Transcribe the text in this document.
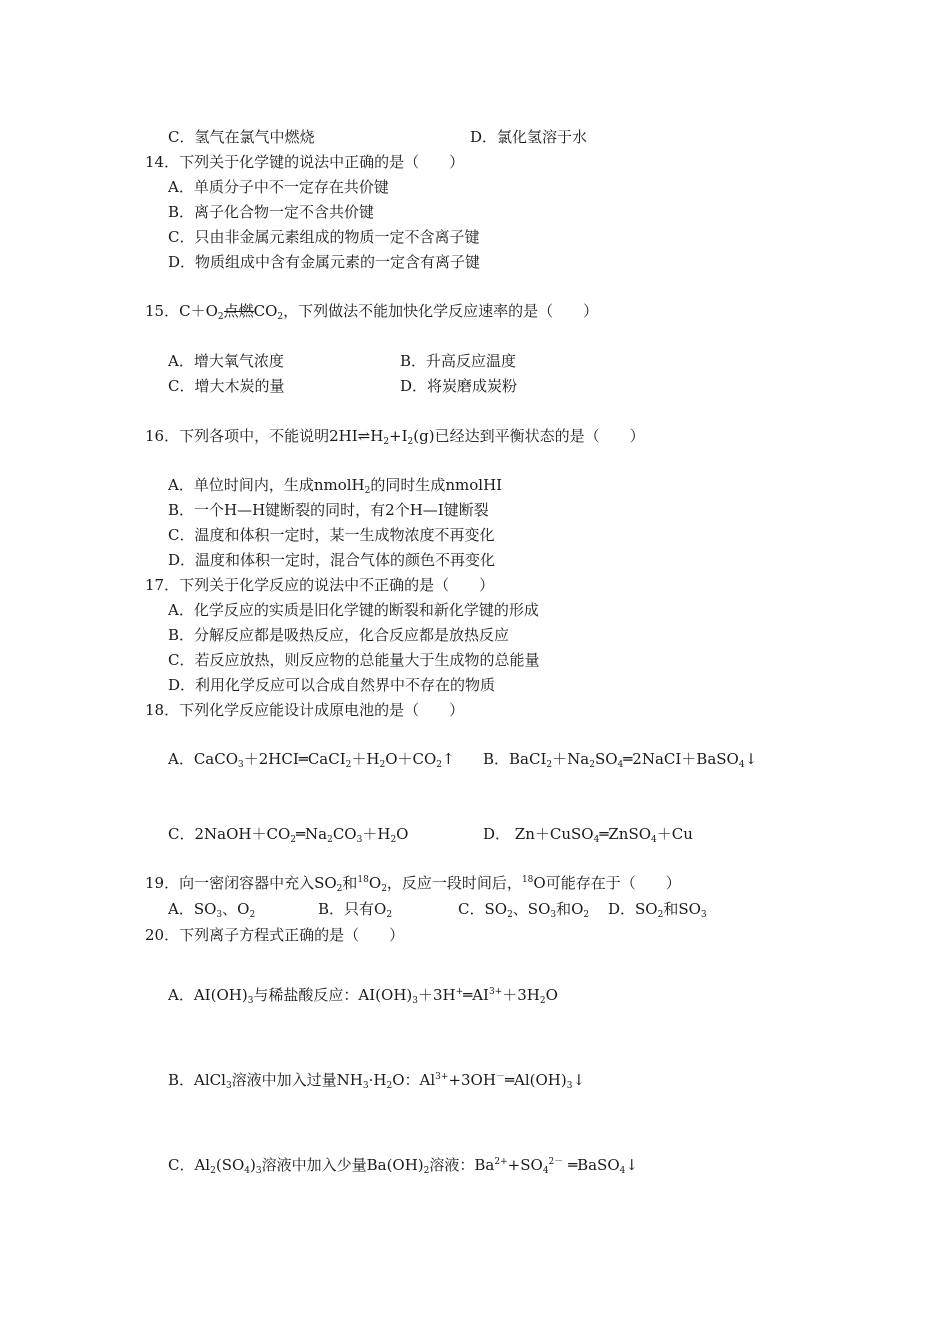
C．氢气在氯气中燃烧	D．氯化氢溶于水
14．下列关于化学键的说法中正确的是（　　）
A．单质分子中不一定存在共价键
B．离子化合物一定不含共价键
C．只由非金属元素组成的物质一定不含离子键
D．物质组成中含有金属元素的一定含有离子键
A．增大氧气浓度	B．升高反应温度
C．增大木炭的量	D．将炭磨成炭粉
B．一个H—H键断裂的同时，有2个H—I键断裂
C．温度和体积一定时，某一生成物浓度不再变化
D．温度和体积一定时，混合气体的颜色不再变化
17．下列关于化学反应的说法中不正确的是（　　）
A．化学反应的实质是旧化学键的断裂和新化学键的形成
B．分解反应都是吸热反应，化合反应都是放热反应
C．若反应放热，则反应物的总能量大于生成物的总能量
D．利用化学反应可以合成自然界中不存在的物质
18．下列化学反应能设计成原电池的是（　　）
20．下列离子方程式正确的是（　　）
15．$C+O_2$点燃$CO_2$，下列做法不能加快化学反应速率的是（　　）
16．下列各项中，不能说明$2HI\rightleftharpoons H_2+I_2(g)$已经达到平衡状态的是（　　）
A．单位时间内，生成nmolH$_2$的同时生成nmolHI
A．$CaCO_3+2HCI═CaCI_2+H_2O+CO_2↑$ B．$BaCI_2+Na_2SO_4═2NaCI+BaSO_4↓$
C．$2NaOH+CO_2═Na_2CO_3+H_2O$	D． Zn＋CuSO$_4$═ZnSO$_4$＋Cu
19．向一密闭容器中充入$SO_2$和$^{18}O_2$，反应一段时间后，$^{18}$O可能存在于（　　）
A．$SO_3$、$O_2$	B．只有$O_2$	C．$SO_2$、$SO_3$和$O_2$ D．$SO_2$和$SO_3$
A．$AI(OH)_3$与稀盐酸反应：$AI(OH)_3+3H^+═AI^{3+}+3H_2O$
B．AlCl$_3$溶液中加入过量$NH_3\cdot H_2O$：$Al^{3+}+3OH^-═Al(OH)_3↓$
C．$Al_2(SO_4)_3$溶液中加入少量$Ba(OH)_2$溶液：$Ba^{2+}+SO_4^{2-}$ ═BaSO$_4$↓
